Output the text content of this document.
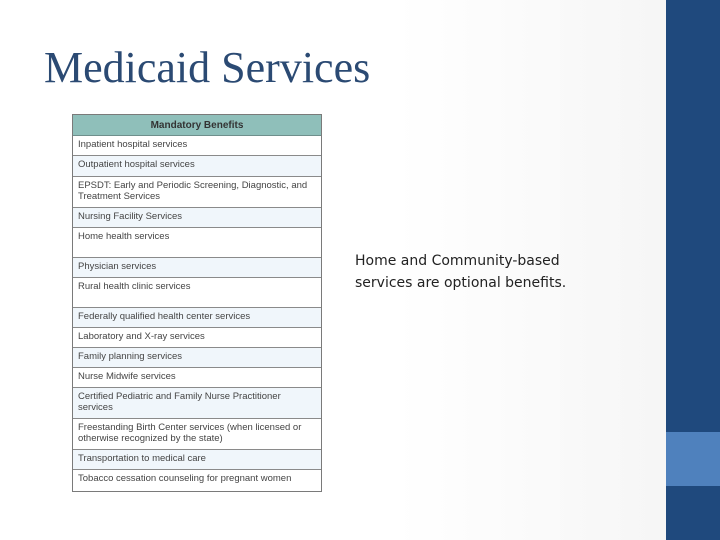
Medicaid Services
Mandatory Benefits
Inpatient hospital services
Outpatient hospital services
EPSDT: Early and Periodic Screening, Diagnostic, and Treatment Services
Nursing Facility Services
Home health services
Physician services
Rural health clinic services
Federally qualified health center services
Laboratory and X-ray services
Family planning services
Nurse Midwife services
Certified Pediatric and Family Nurse Practitioner services
Freestanding Birth Center services (when licensed or otherwise recognized by the state)
Transportation to medical care
Tobacco cessation counseling for pregnant women
Home and Community-based services are optional benefits.
